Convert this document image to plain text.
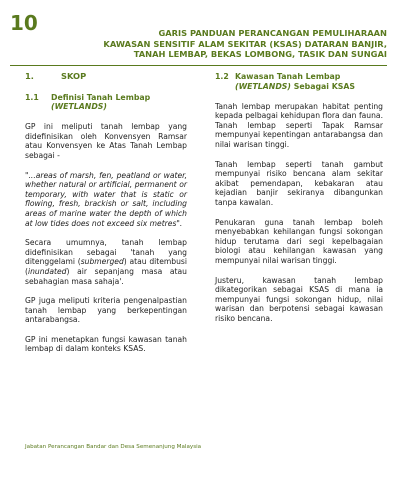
10	GARIS PANDUAN PERANCANGAN PEMULIHARAAN
KAWASAN SENSITIF ALAM SEKITAR (KSAS) DATARAN BANJIR,
TANAH LEMBAP, BEKAS LOMBONG, TASIK DAN SUNGAI
1.	SKOP
1.1	Definisi Tanah Lembap
(WETLANDS)

GP ini meliputi tanah lembap yang didefinisikan oleh Konvensyen Ramsar atau Konvensyen ke Atas Tanah Lembap sebagai -

"...areas of marsh, fen, peatland or water, whether natural or artificial, permanent or temporary, with water that is static or flowing, fresh, brackish or salt, including areas of marine water the depth of which at low tides does not exceed six metres".

Secara umumnya, tanah lembap didefinisikan sebagai 'tanah yang ditenggelami (submerged) atau ditembusi (inundated) air sepanjang masa atau sebahagian masa sahaja'.

GP juga meliputi kriteria pengenalpastian tanah lembap yang berkepentingan antarabangsa.

GP ini menetapkan fungsi kawasan tanah lembap di dalam konteks KSAS.

1.2 Kawasan Tanah Lembap
(WETLANDS) Sebagai KSAS

Tanah lembap merupakan habitat penting kepada pelbagai kehidupan flora dan fauna. Tanah lembap seperti Tapak Ramsar mempunyai kepentingan antarabangsa dan nilai warisan tinggi.

Tanah lembap seperti tanah gambut mempunyai risiko bencana alam sekitar akibat pemendapan, kebakaran atau kejadian banjir sekiranya dibangunkan tanpa kawalan.

Penukaran guna tanah lembap boleh menyebabkan kehilangan fungsi sokongan hidup terutama dari segi kepelbagaian biologi atau kehilangan kawasan yang mempunyai nilai warisan tinggi.

Justeru, kawasan tanah lembap dikategorikan sebagai KSAS di mana ia mempunyai fungsi sokongan hidup, nilai warisan dan berpotensi sebagai kawasan risiko bencana.

Jabatan Perancangan Bandar dan Desa Semenanjung Malaysia
